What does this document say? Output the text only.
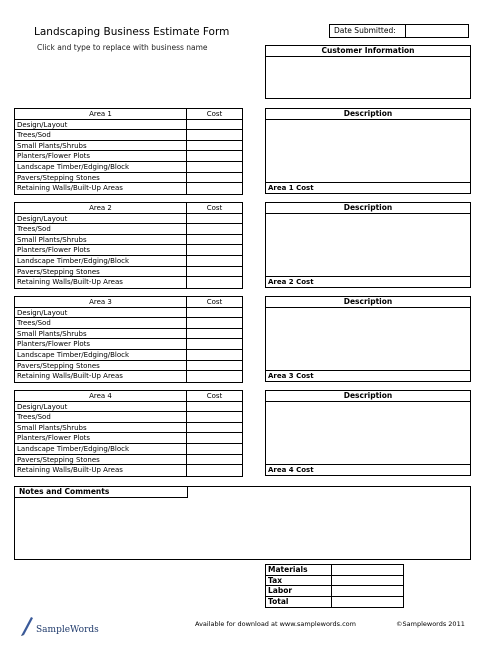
Landscaping Business Estimate Form
Click and type to replace with business name
Date Submitted:
Customer Information
Area 1	Cost
Design/Layout
Trees/Sod
Small Plants/Shrubs
Planters/Flower Plots
Landscape Timber/Edging/Block
Pavers/Stepping Stones
Retaining Walls/Built-Up Areas
Description
Area 1 Cost
Area 2	Cost
Design/Layout
Trees/Sod
Small Plants/Shrubs
Planters/Flower Plots
Landscape Timber/Edging/Block
Pavers/Stepping Stones
Retaining Walls/Built-Up Areas
Description
Area 2 Cost
Area 3	Cost
Design/Layout
Trees/Sod
Small Plants/Shrubs
Planters/Flower Plots
Landscape Timber/Edging/Block
Pavers/Stepping Stones
Retaining Walls/Built-Up Areas
Description
Area 3 Cost
Area 4	Cost
Design/Layout
Trees/Sod
Small Plants/Shrubs
Planters/Flower Plots
Landscape Timber/Edging/Block
Pavers/Stepping Stones
Retaining Walls/Built-Up Areas
Description
Area 4 Cost
Notes and Comments
Materials
Tax
Labor
Total
SampleWords
Available for download at www.samplewords.com	©Samplewords 2011
